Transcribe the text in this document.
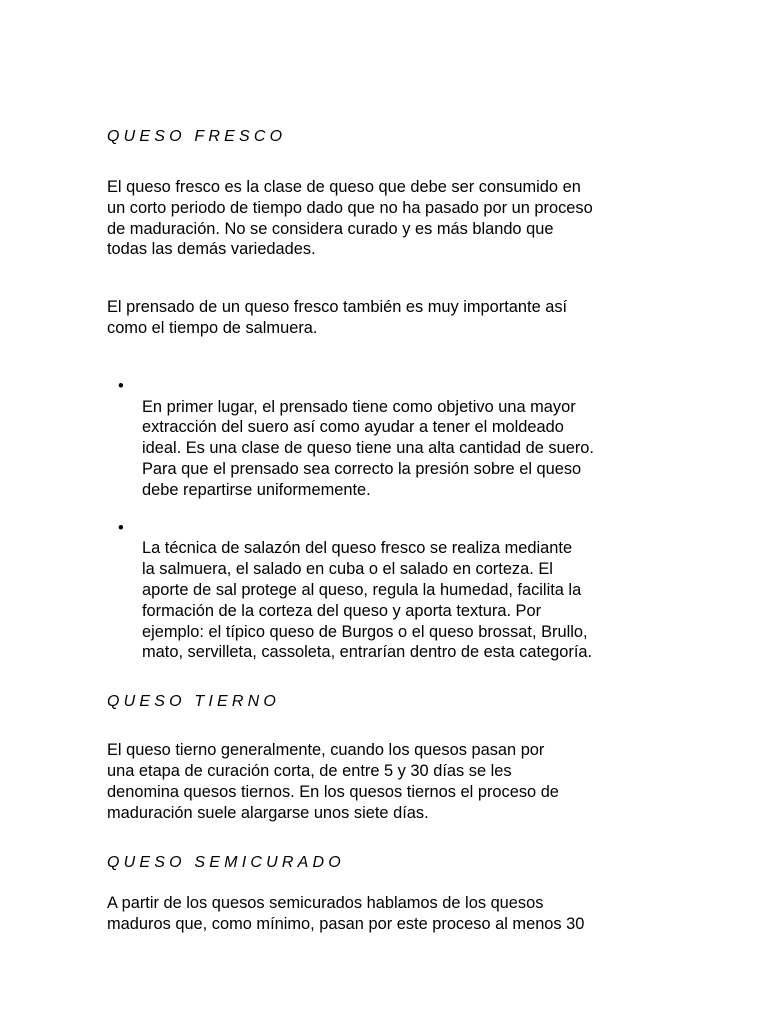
QUESO FRESCO

El queso fresco es la clase de queso que debe ser consumido en
un corto periodo de tiempo dado que no ha pasado por un proceso
de maduración. No se considera curado y es más blando que
todas las demás variedades.

El prensado de un queso fresco también es muy importante así
como el tiempo de salmuera.

•
En primer lugar, el prensado tiene como objetivo una mayor
extracción del suero así como ayudar a tener el moldeado
ideal. Es una clase de queso tiene una alta cantidad de suero.
Para que el prensado sea correcto la presión sobre el queso
debe repartirse uniformemente.

•
La técnica de salazón del queso fresco se realiza mediante
la salmuera, el salado en cuba o el salado en corteza. El
aporte de sal protege al queso, regula la humedad, facilita la
formación de la corteza del queso y aporta textura. Por
ejemplo: el típico queso de Burgos o el queso brossat, Brullo,
mato, servilleta, cassoleta, entrarían dentro de esta categoría.

QUESO TIERNO

El queso tierno generalmente, cuando los quesos pasan por
una etapa de curación corta, de entre 5 y 30 días se les
denomina quesos tiernos. En los quesos tiernos el proceso de
maduración suele alargarse unos siete días.

QUESO SEMICURADO

A partir de los quesos semicurados hablamos de los quesos
maduros que, como mínimo, pasan por este proceso al menos 30
